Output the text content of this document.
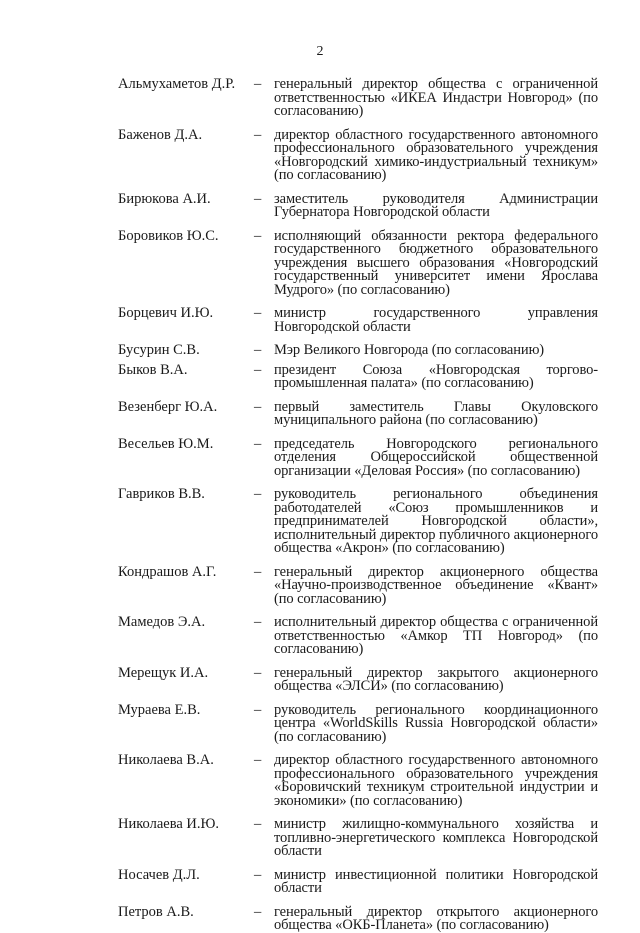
2
Альмухаметов Д.Р.	– генеральный директор общества с ограниченной ответственностью «ИКЕА Индастри Новгород» (по согласованию)
Баженов Д.А.	– директор областного государственного автономного профессионального образовательного учреждения «Новгородский химико-индустриальный техникум» (по согласованию)
Бирюкова А.И.	– заместитель руководителя Администрации Губернатора Новгородской области
Боровиков Ю.С.	– исполняющий обязанности ректора федерального государственного бюджетного образовательного учреждения высшего образования «Новгородский государственный университет имени Ярослава Мудрого» (по согласованию)
Борцевич И.Ю.	– министр государственного управления Новгородской области
Бусурин С.В.	– Мэр Великого Новгорода (по согласованию)
Быков В.А.	– президент Союза «Новгородская торгово-промышленная палата» (по согласованию)
Везенберг Ю.А.	– первый заместитель Главы Окуловского муниципального района (по согласованию)
Весельев Ю.М.	– председатель Новгородского регионального отделения Общероссийской общественной организации «Деловая Россия» (по согласованию)
Гавриков В.В.	– руководитель регионального объединения работодателей «Союз промышленников и предпринимателей Новгородской области», исполнительный директор публичного акционерного общества «Акрон» (по согласованию)
Кондрашов А.Г.	– генеральный директор акционерного общества «Научно-производственное объединение «Квант» (по согласованию)
Мамедов Э.А.	– исполнительный директор общества с ограниченной ответственностью «Амкор ТП Новгород» (по согласованию)
Мерещук И.А.	– генеральный директор закрытого акционерного общества «ЭЛСИ» (по согласованию)
Мураева Е.В.	– руководитель регионального координационного центра «WorldSkills Russia Новгородской области» (по согласованию)
Николаева В.А.	– директор областного государственного автономного профессионального образовательного учреждения «Боровичский техникум строительной индустрии и экономики» (по согласованию)
Николаева И.Ю.	– министр жилищно-коммунального хозяйства и топливно-энергетического комплекса Новгородской области
Носачев Д.Л.	– министр инвестиционной политики Новгородской области
Петров А.В.	– генеральный директор открытого акционерного общества «ОКБ-Планета» (по согласованию)
